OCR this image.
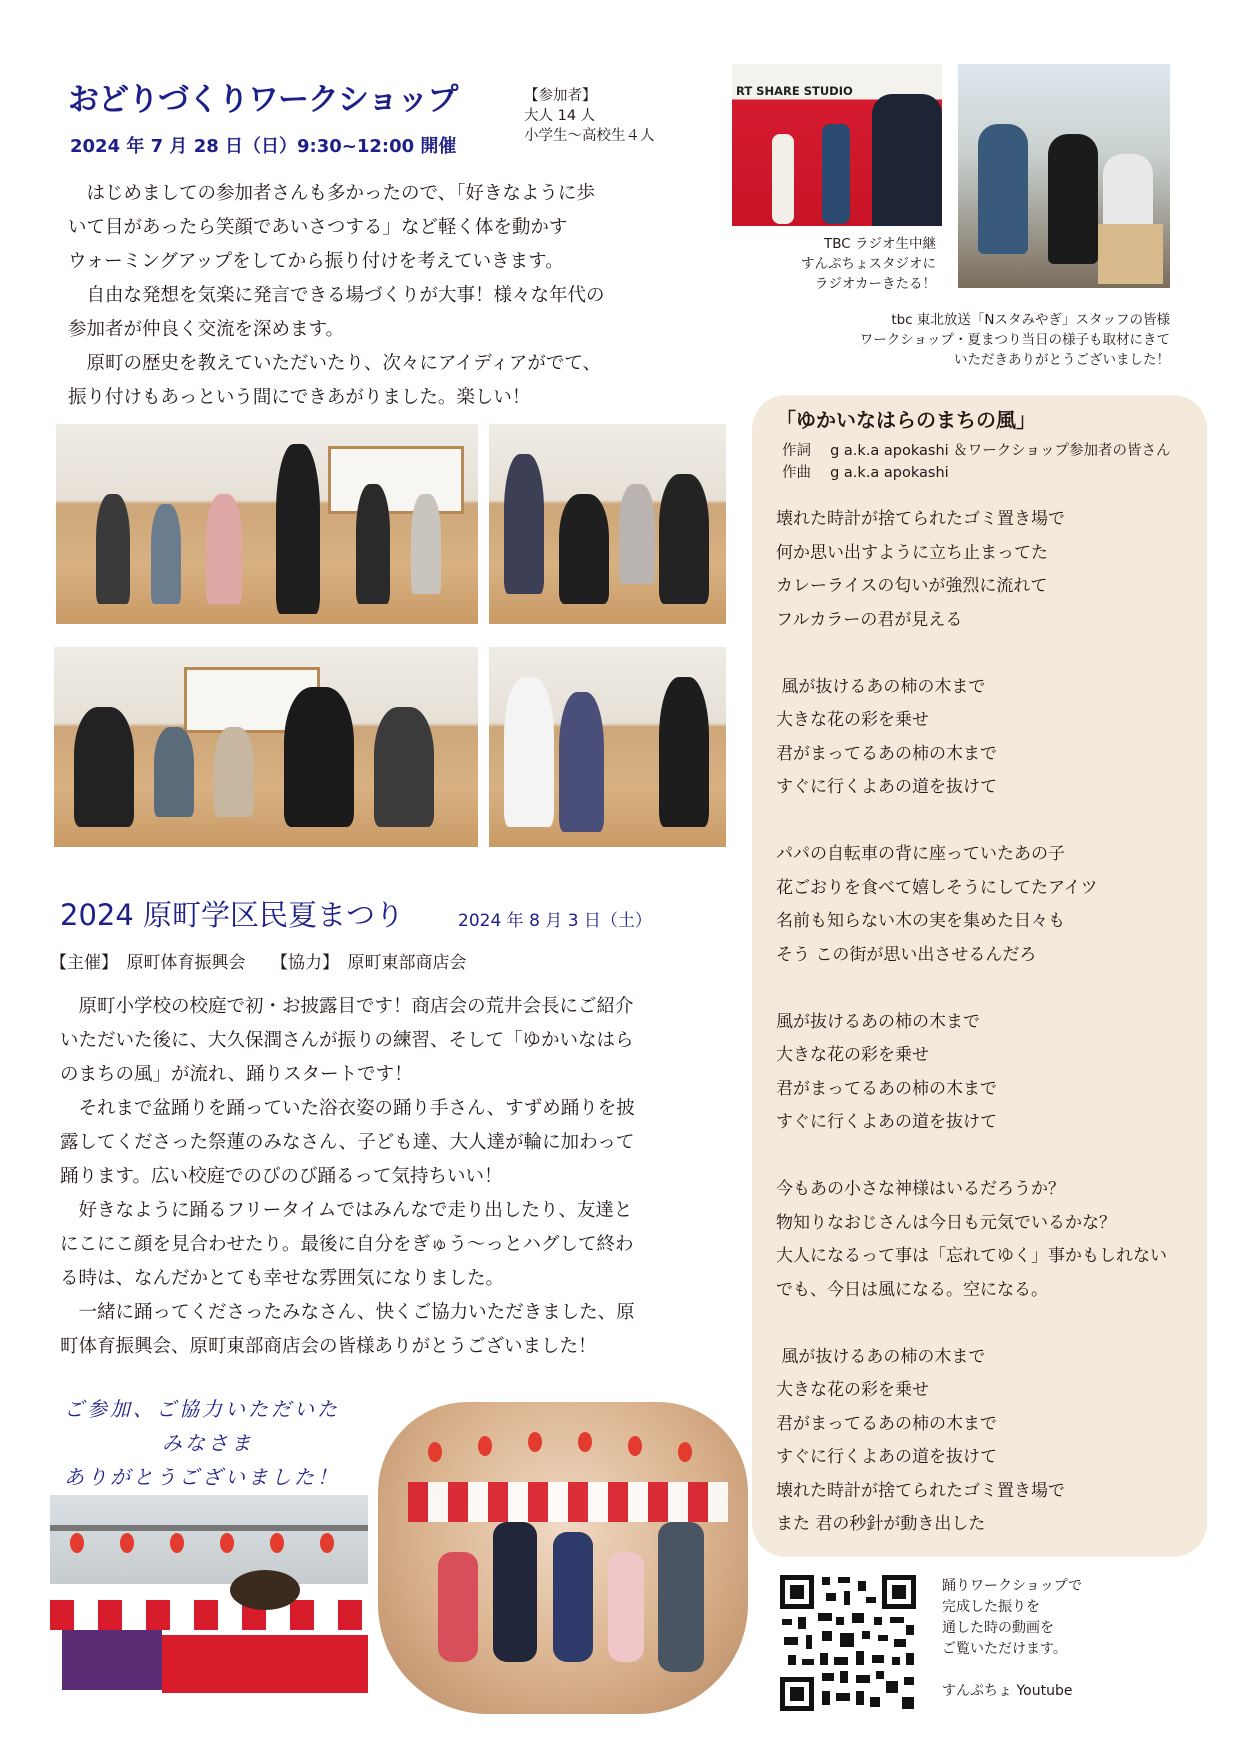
おどりづくりワークショップ
2024 年 7 月 28 日（日）9:30~12:00 開催
【参加者】
大人 14 人
小学生～高校生４人
　はじめましての参加者さんも多かったので、「好きなように歩
いて目があったら笑顔であいさつする」など軽く体を動かす
ウォーミングアップをしてから振り付けを考えていきます。
　自由な発想を気楽に発言できる場づくりが大事！様々な年代の
参加者が仲良く交流を深めます。
　原町の歴史を教えていただいたり、次々にアイディアがでて、
振り付けもあっという間にできあがりました。楽しい！
RT SHARE STUDIO
TBC ラジオ生中継
すんぷちょスタジオに
ラジオカーきたる！
tbc 東北放送「Nスタみやぎ」スタッフの皆様
ワークショップ・夏まつり当日の様子も取材にきて
いただきありがとうございました！
2024 原町学区民夏まつり	2024 年 8 月 3 日（土）
【主催】　原町体育振興会　　【協力】　原町東部商店会
　原町小学校の校庭で初・お披露目です！商店会の荒井会長にご紹介
いただいた後に、大久保潤さんが振りの練習、そして「ゆかいなはら
のまちの風」が流れ、踊りスタートです！
　それまで盆踊りを踊っていた浴衣姿の踊り手さん、すずめ踊りを披
露してくださった祭蓮のみなさん、子ども達、大人達が輪に加わって
踊ります。広い校庭でのびのび踊るって気持ちいい！
　好きなように踊るフリータイムではみんなで走り出したり、友達と
にこにこ顔を見合わせたり。最後に自分をぎゅう～っとハグして終わ
る時は、なんだかとても幸せな雰囲気になりました。
　一緒に踊ってくださったみなさん、快くご協力いただきました、原
町体育振興会、原町東部商店会の皆様ありがとうございました！
ご参加、ご協力いただいた
みなさま
ありがとうございました！
「ゆかいなはらのまちの風」
作詞　 g a.k.a apokashi ＆ワークショップ参加者の皆さん
作曲　 g a.k.a apokashi
壊れた時計が捨てられたゴミ置き場で
何か思い出すように立ち止まってた
カレーライスの匂いが強烈に流れて
フルカラーの君が見える

風が抜けるあの柿の木まで
大きな花の彩を乗せ
君がまってるあの柿の木まで
すぐに行くよあの道を抜けて

パパの自転車の背に座っていたあの子
花ごおりを食べて嬉しそうにしてたアイツ
名前も知らない木の実を集めた日々も
そう この街が思い出させるんだろ

風が抜けるあの柿の木まで
大きな花の彩を乗せ
君がまってるあの柿の木まで
すぐに行くよあの道を抜けて

今もあの小さな神様はいるだろうか？
物知りなおじさんは今日も元気でいるかな？
大人になるって事は「忘れてゆく」事かもしれない
でも、今日は風になる。空になる。

風が抜けるあの柿の木まで
大きな花の彩を乗せ
君がまってるあの柿の木まで
すぐに行くよあの道を抜けて
壊れた時計が捨てられたゴミ置き場で
また 君の秒針が動き出した
踊りワークショップで
完成した振りを
通した時の動画を
ご覧いただけます。

すんぷちょ Youtube
